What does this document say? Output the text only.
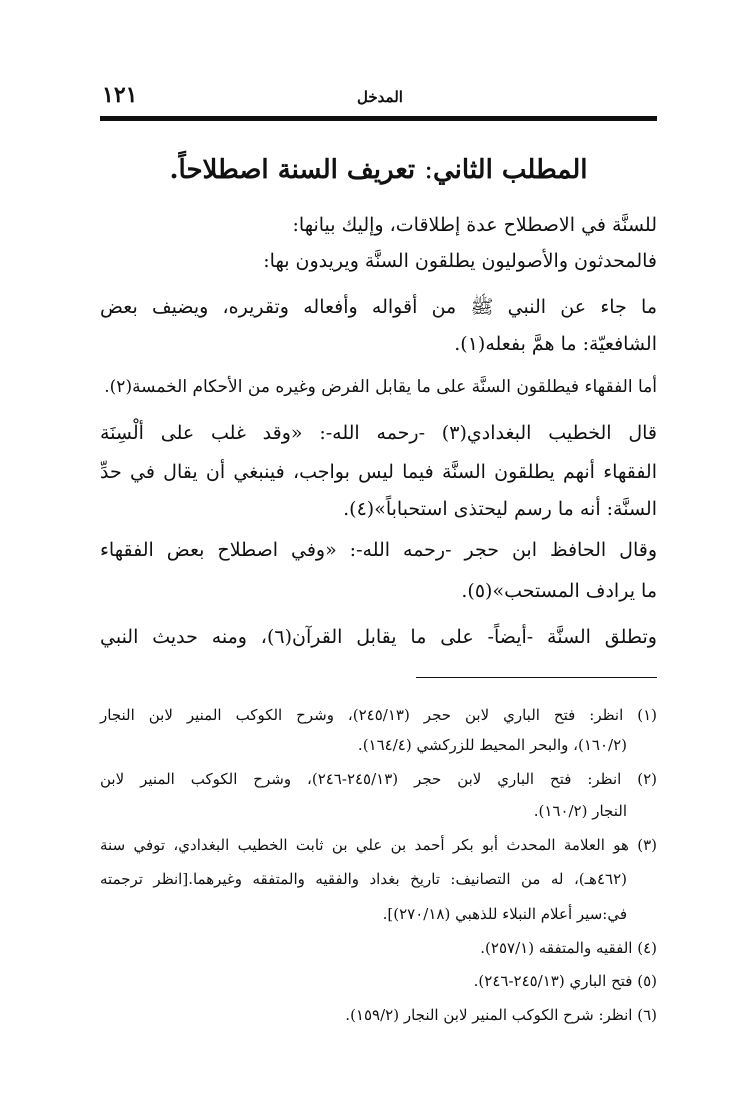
المدخل
١٢١
المطلب الثاني: تعريف السنة اصطلاحاً.
للسنَّة في الاصطلاح عدة إطلاقات، وإليك بيانها:
فالمحدثون والأصوليون يطلقون السنَّة ويريدون بها:
ما جاء عن النبي ﷺ من أقواله وأفعاله وتقريره، ويضيف بعض
الشافعيّة: ما همَّ بفعله(١).
أما الفقهاء فيطلقون السنَّة على ما يقابل الفرض وغيره من الأحكام الخمسة(٢).
قال الخطيب البغدادي(٣) -رحمه الله-: «وقد غلب على ألْسِنَة
الفقهاء أنهم يطلقون السنَّة فيما ليس بواجب، فينبغي أن يقال في حدِّ
السنَّة: أنه ما رسم ليحتذى استحباباً»(٤).
وقال الحافظ ابن حجر -رحمه الله-: «وفي اصطلاح بعض الفقهاء
ما يرادف المستحب»(٥).
وتطلق السنَّة -أيضاً- على ما يقابل القرآن(٦)، ومنه حديث النبي
(١) انظر: فتح الباري لابن حجر (٢٤٥/١٣)، وشرح الكوكب المنير لابن النجار
(١٦٠/٢)، والبحر المحيط للزركشي (١٦٤/٤).
(٢) انظر: فتح الباري لابن حجر (٢٤٥/١٣-٢٤٦)، وشرح الكوكب المنير لابن
النجار (١٦٠/٢).
(٣) هو العلامة المحدث أبو بكر أحمد بن علي بن ثابت الخطيب البغدادي، توفي سنة
(٤٦٢هـ)، له من التصانيف: تاريخ بغداد والفقيه والمتفقه وغيرهما.[انظر ترجمته
في:سير أعلام النبلاء للذهبي (٢٧٠/١٨)].
(٤) الفقيه والمتفقه (٢٥٧/١).
(٥) فتح الباري (٢٤٥/١٣-٢٤٦).
(٦) انظر: شرح الكوكب المنير لابن النجار (١٥٩/٢).
